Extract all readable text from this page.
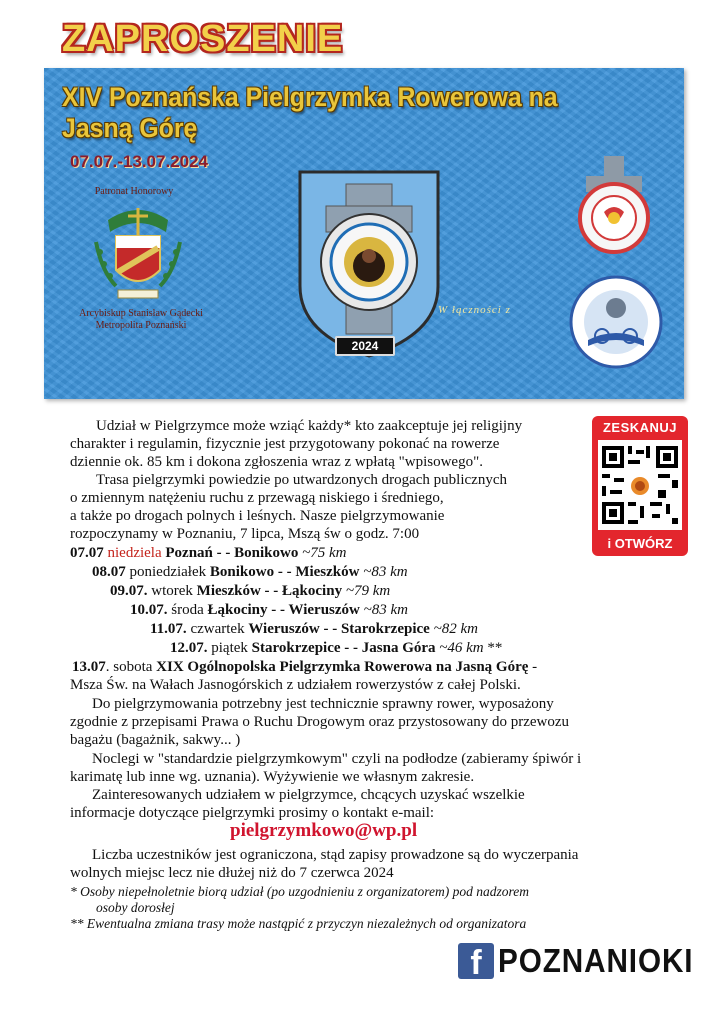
ZAPROSZENIE
XIV Poznańska Pielgrzymka Rowerowa na Jasną Górę
07.07.-13.07.2024
Patronat Honorowy
Arcybiskup Stanisław Gądecki
Metropolita Poznański
2024
W łączności z
Udział w Pielgrzymce może wziąć każdy* kto zaakceptuje jej religijny
charakter i regulamin, fizycznie jest przygotowany pokonać na rowerze
dziennie ok. 85 km i dokona zgłoszenia wraz z wpłatą "wpisowego".
Trasa pielgrzymki powiedzie po utwardzonych drogach publicznych
o zmiennym natężeniu ruchu z przewagą niskiego i średniego,
a także po drogach polnych i leśnych. Nasze pielgrzymowanie
rozpoczynamy w Poznaniu, 7 lipca, Mszą św o godz. 7:00
07.07 niedziela Poznań - - Bonikowo ~75 km
08.07 poniedziałek Bonikowo - - Mieszków ~83 km
09.07. wtorek Mieszków - - Łąkociny ~79 km
10.07. środa Łąkociny - - Wieruszów ~83 km
11.07. czwartek Wieruszów - - Starokrzepice ~82 km
12.07. piątek Starokrzepice - - Jasna Góra ~46 km **
13.07. sobota XIX Ogólnopolska Pielgrzymka Rowerowa na Jasną Górę -
Msza Św. na Wałach Jasnogórskich z udziałem rowerzystów z całej Polski.
Do pielgrzymowania potrzebny jest technicznie sprawny rower, wyposażony
zgodnie z przepisami Prawa o Ruchu Drogowym oraz przystosowany do przewozu
bagażu (bagażnik, sakwy... )
Noclegi w "standardzie pielgrzymkowym" czyli na podłodze (zabieramy śpiwór i
karimatę lub inne wg. uznania). Wyżywienie we własnym zakresie.
Zainteresowanych udziałem w pielgrzymce, chcących uzyskać wszelkie
informacje dotyczące pielgrzymki prosimy o kontakt e-mail:
pielgrzymkowo@wp.pl
Liczba uczestników jest ograniczona, stąd zapisy prowadzone są do wyczerpania
wolnych miejsc lecz nie dłużej niż do 7 czerwca 2024
* Osoby niepełnoletnie biorą udział (po uzgodnieniu z organizatorem) pod nadzorem
osoby dorosłej
** Ewentualna zmiana trasy może nastąpić z przyczyn niezależnych od organizatora
ZESKANUJ
i OTWÓRZ
f POZNANIOKI
